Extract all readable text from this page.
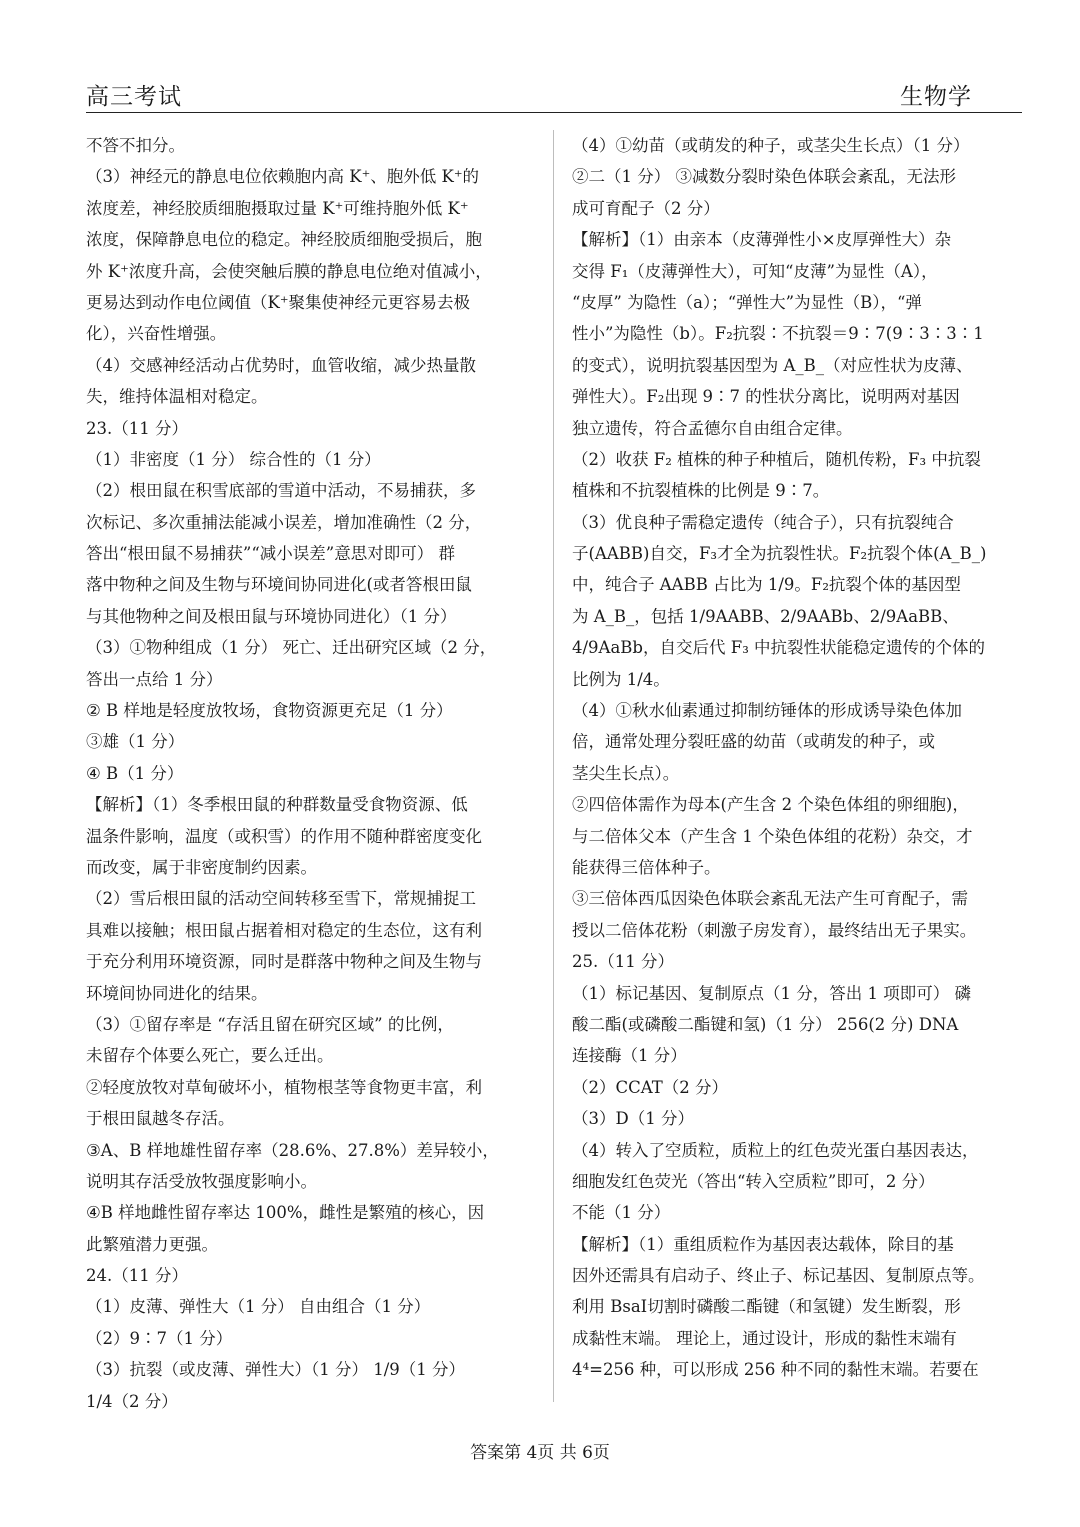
高三考试	生物学
不答不扣分。
（3）神经元的静息电位依赖胞内高 K⁺、胞外低 K⁺的
浓度差，神经胶质细胞摄取过量 K⁺可维持胞外低 K⁺
浓度，保障静息电位的稳定。神经胶质细胞受损后，胞
外 K⁺浓度升高，会使突触后膜的静息电位绝对值减小，
更易达到动作电位阈值（K⁺聚集使神经元更容易去极
化），兴奋性增强。
（4）交感神经活动占优势时，血管收缩，减少热量散
失，维持体温相对稳定。
23.（11 分）
（1）非密度（1 分） 综合性的（1 分）
（2）根田鼠在积雪底部的雪道中活动，不易捕获，多
次标记、多次重捕法能减小误差，增加准确性（2 分，
答出“根田鼠不易捕获”“减小误差”意思对即可） 群
落中物种之间及生物与环境间协同进化(或者答根田鼠
与其他物种之间及根田鼠与环境协同进化）（1 分）
（3）①物种组成（1 分） 死亡、迁出研究区域（2 分，
答出一点给 1 分）
② B 样地是轻度放牧场，食物资源更充足（1 分）
③雄（1 分）
④ B（1 分）
【解析】（1）冬季根田鼠的种群数量受食物资源、低
温条件影响，温度（或积雪）的作用不随种群密度变化
而改变，属于非密度制约因素。
（2）雪后根田鼠的活动空间转移至雪下，常规捕捉工
具难以接触；根田鼠占据着相对稳定的生态位，这有利
于充分利用环境资源，同时是群落中物种之间及生物与
环境间协同进化的结果。
（3）①留存率是 “存活且留在研究区域” 的比例，
未留存个体要么死亡，要么迁出。
②轻度放牧对草甸破坏小，植物根茎等食物更丰富，利
于根田鼠越冬存活。
③A、B 样地雄性留存率（28.6%、27.8%）差异较小，
说明其存活受放牧强度影响小。
④B 样地雌性留存率达 100%，雌性是繁殖的核心，因
此繁殖潜力更强。
24.（11 分）
（1）皮薄、弹性大（1 分） 自由组合（1 分）
（2）9∶7（1 分）
（3）抗裂（或皮薄、弹性大）（1 分） 1/9（1 分）
1/4（2 分）
（4）①幼苗（或萌发的种子，或茎尖生长点）（1 分）
②二（1 分） ③减数分裂时染色体联会紊乱，无法形
成可育配子（2 分）
【解析】（1）由亲本（皮薄弹性小×皮厚弹性大）杂
交得 F₁（皮薄弹性大），可知“皮薄”为显性（A），
“皮厚” 为隐性（a）；“弹性大”为显性（B），“弹
性小”为隐性（b）。F₂抗裂∶不抗裂＝9∶7(9∶3∶3∶1
的变式），说明抗裂基因型为 A_B_（对应性状为皮薄、
弹性大）。F₂出现 9∶7 的性状分离比，说明两对基因
独立遗传，符合孟德尔自由组合定律。
（2）收获 F₂ 植株的种子种植后，随机传粉，F₃ 中抗裂
植株和不抗裂植株的比例是 9∶7。
（3）优良种子需稳定遗传（纯合子），只有抗裂纯合
子(AABB)自交，F₃才全为抗裂性状。F₂抗裂个体(A_B_)
中，纯合子 AABB 占比为 1/9。F₂抗裂个体的基因型
为 A_B_，包括 1/9AABB、2/9AABb、2/9AaBB、
4/9AaBb，自交后代 F₃ 中抗裂性状能稳定遗传的个体的
比例为 1/4。
（4）①秋水仙素通过抑制纺锤体的形成诱导染色体加
倍，通常处理分裂旺盛的幼苗（或萌发的种子，或
茎尖生长点）。
②四倍体需作为母本(产生含 2 个染色体组的卵细胞)，
与二倍体父本（产生含 1 个染色体组的花粉）杂交，才
能获得三倍体种子。
③三倍体西瓜因染色体联会紊乱无法产生可育配子，需
授以二倍体花粉（刺激子房发育），最终结出无子果实。
25.（11 分）
（1）标记基因、复制原点（1 分，答出 1 项即可） 磷
酸二酯(或磷酸二酯键和氢)（1 分） 256(2 分) DNA
连接酶（1 分）
（2）CCAT（2 分）
（3）D（1 分）
（4）转入了空质粒，质粒上的红色荧光蛋白基因表达，
细胞发红色荧光（答出“转入空质粒”即可，2 分）
不能（1 分）
【解析】（1）重组质粒作为基因表达载体，除目的基
因外还需具有启动子、终止子、标记基因、复制原点等。
利用 BsaⅠ切割时磷酸二酯键（和氢键）发生断裂，形
成黏性末端。 理论上，通过设计，形成的黏性末端有
4⁴=256 种，可以形成 256 种不同的黏性末端。若要在
答案第 4页 共 6页
